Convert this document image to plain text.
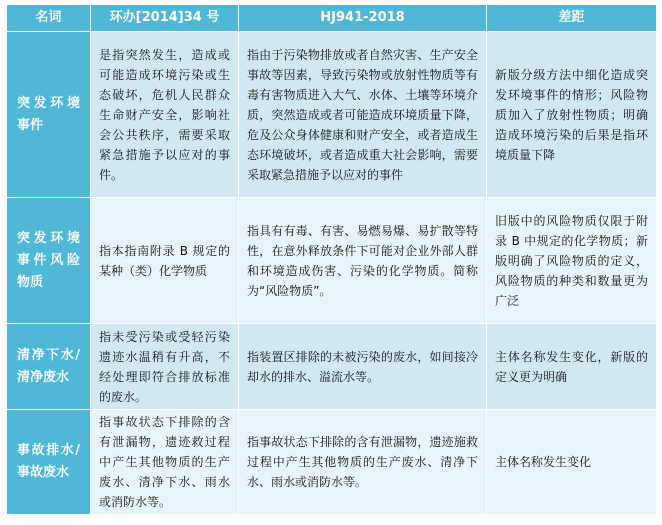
名词	环办[2014]34 号	HJ941-2018	差距
突发环境事件	是指突然发生，造成或可能造成环境污染或生态破坏，危机人民群众生命财产安全，影响社会公共秩序，需要采取紧急措施予以应对的事件。	指由于污染物排放或者自然灾害、生产安全事故等因素，导致污染物或放射性物质等有毒有害物质进入大气、水体、土壤等环境介质，突然造成或者可能造成环境质量下降，危及公众身体健康和财产安全，或者造成生态环境破坏，或者造成重大社会影响，需要采取紧急措施予以应对的事件	新版分级方法中细化造成突发环境事件的情形；风险物质加入了放射性物质；明确造成环境污染的后果是指环境质量下降
突发环境事件风险物质	指本指南附录 B 规定的某种（类）化学物质	指具有有毒、有害、易燃易爆、易扩散等特性，在意外释放条件下可能对企业外部人群和环境造成伤害、污染的化学物质。简称为“风险物质”。	旧版中的风险物质仅限于附录 B 中规定的化学物质；新版明确了风险物质的定义，风险物质的种类和数量更为广泛
清净下水/清净废水	指未受污染或受轻污染遗迹水温稍有升高，不经处理即符合排放标准的废水。	指装置区排除的未被污染的废水，如间接冷却水的排水、溢流水等。	主体名称发生变化，新版的定义更为明确
事故排水/事故废水	指事故状态下排除的含有泄漏物，遗迹救过程中产生其他物质的生产废水、清净下水、雨水或消防水等。	指事故状态下排除的含有泄漏物，遗迹施救过程中产生其他物质的生产废水、清净下水、雨水或消防水等。	主体名称发生变化
